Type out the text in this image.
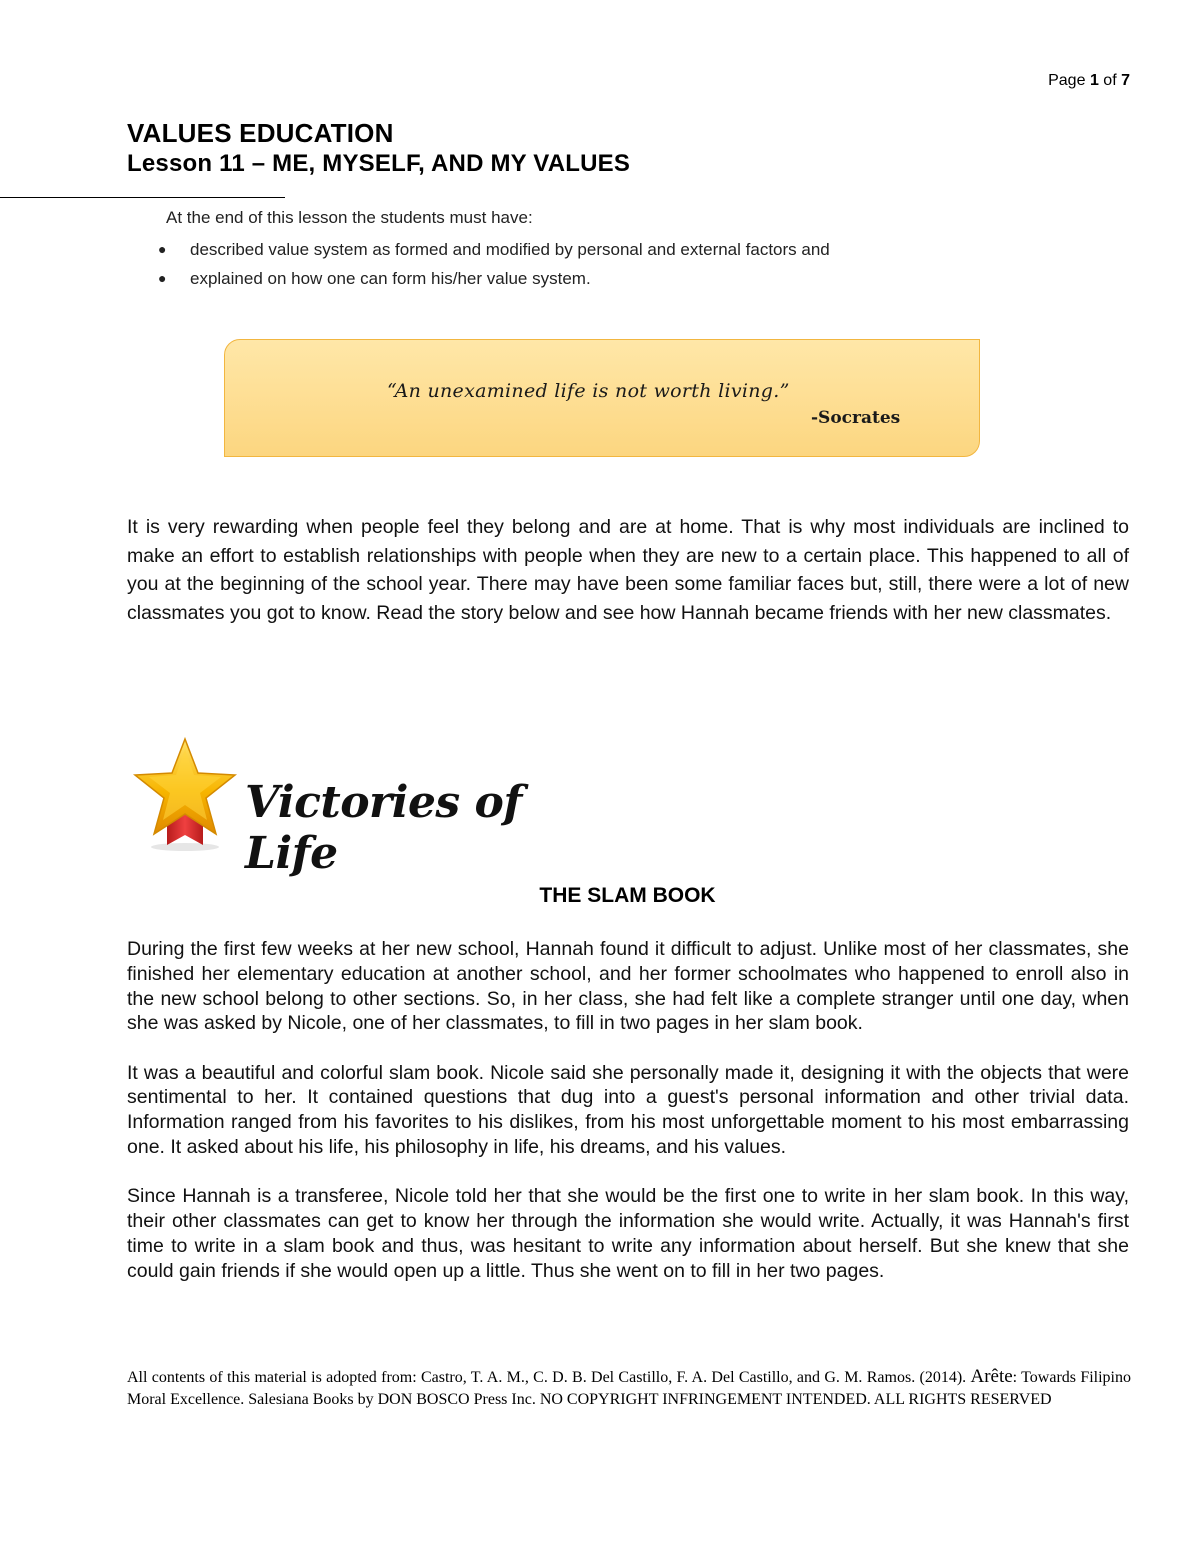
Page 1 of 7
VALUES EDUCATION
Lesson 11 – ME, MYSELF, AND MY VALUES
At the end of this lesson the students must have:
● described value system as formed and modified by personal and external factors and
● explained on how one can form his/her value system.
“An unexamined life is not worth living.”
-Socrates
It is very rewarding when people feel they belong and are at home. That is why most individuals are inclined to make an effort to establish relationships with people when they are new to a certain place. This happened to all of you at the beginning of the school year. There may have been some familiar faces but, still, there were a lot of new classmates you got to know. Read the story below and see how Hannah became friends with her new classmates.
Victories of Life
THE SLAM BOOK

During the first few weeks at her new school, Hannah found it difficult to adjust. Unlike most of her classmates, she finished her elementary education at another school, and her former schoolmates who happened to enroll also in the new school belong to other sections. So, in her class, she had felt like a complete stranger until one day, when she was asked by Nicole, one of her classmates, to fill in two pages in her slam book.

It was a beautiful and colorful slam book. Nicole said she personally made it, designing it with the objects that were sentimental to her. It contained questions that dug into a guest's personal information and other trivial data. Information ranged from his favorites to his dislikes, from his most unforgettable moment to his most embarrassing one. It asked about his life, his philosophy in life, his dreams, and his values.

Since Hannah is a transferee, Nicole told her that she would be the first one to write in her slam book. In this way, their other classmates can get to know her through the information she would write. Actually, it was Hannah's first time to write in a slam book and thus, was hesitant to write any information about herself. But she knew that she could gain friends if she would open up a little. Thus she went on to fill in her two pages.

All contents of this material is adopted from: Castro, T. A. M., C. D. B. Del Castillo, F. A. Del Castillo, and G. M. Ramos. (2014). Arête: Towards Filipino Moral Excellence. Salesiana Books by DON BOSCO Press Inc. NO COPYRIGHT INFRINGEMENT INTENDED. ALL RIGHTS RESERVED
